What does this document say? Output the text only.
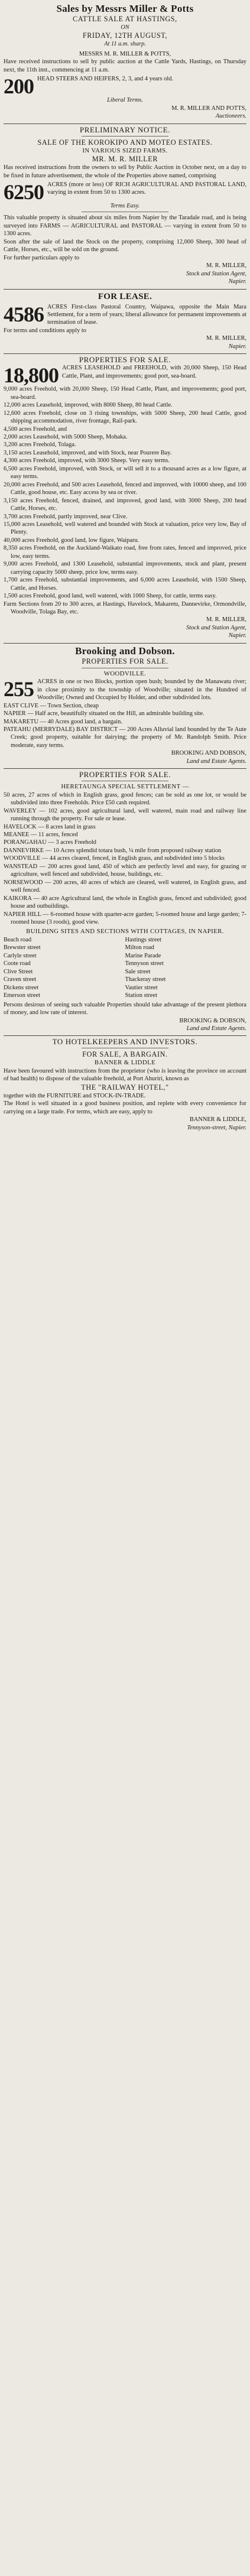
Sales by Messrs Miller & Potts
CATTLE SALE AT HASTINGS,
ON
FRIDAY, 12TH AUGUST,
At 11 a.m. sharp.
MESSRS M. R. MILLER & POTTS,
Have received instructions to sell by public auction at the Cattle Yards, Hastings, on Thursday next, the 11th inst., commencing at 11 a.m.
200 HEAD STEERS AND HEIFERS, 2, 3, and 4 years old.
Liberal Terms.
M. R. MILLER AND POTTS,
Auctioneers.
PRELIMINARY NOTICE.
SALE OF THE KOROKIPO AND MOTEO ESTATES.
IN VARIOUS SIZED FARMS.
MR. M. R. MILLER
Has received instructions from the owners to sell by Public Auction in October next, on a day to be fixed in future advertisement, the whole of the Properties above named, comprising
6250 ACRES (more or less) OF RICH AGRICULTURAL AND PASTORAL LAND, varying in extent from 50 to 1300 acres.
Terms Easy.
This valuable property is situated about six miles from Napier by the Taradale road, and is being surveyed into FARMS — AGRICULTURAL and PASTORAL — varying in extent from 50 to 1300 acres.
Soon after the sale of land the Stock on the property, comprising 12,000 Sheep, 300 head of Cattle, Horses, etc., will be sold on the ground.
For further particulars apply to
M. R. MILLER,
Stock and Station Agent,
Napier.
FOR LEASE.
4586 ACRES First-class Pastoral Country, Waipawa, opposite the Main Mara Settlement, for a term of years; liberal allowance for permanent improvements at termination of lease.
For terms and conditions apply to
M. R. MILLER,
Napier.
PROPERTIES FOR SALE.
18,800 ACRES LEASEHOLD and FREEHOLD, with 20,000 Sheep, 150 Head Cattle, Plant, and improvements; good port, sea-board.
9,000 acres Freehold, with 20,000 Sheep, 150 Head Cattle, Plant, and improvements; good port, sea-board.
12,000 acres Leasehold, improved, with 8000 Sheep, 80 head Cattle.
12,600 acres Freehold, close on 3 rising townships, with 5000 Sheep, 200 head Cattle, good shipping accommodation, river frontage, Rail-park.
4,500 acres Freehold, and
2,000 acres Leasehold, with 5000 Sheep, Mohaka.
3,200 acres Freehold, Tolaga.
3,150 acres Leasehold, improved, and with Stock, near Pourere Bay.
4,300 acres Freehold, improved, with 3000 Sheep. Very easy terms.
6,500 acres Freehold, improved, with Stock, or will sell it to a thousand acres as a low figure, at easy terms.
20,000 acres Freehold, and 500 acres Leasehold, fenced and improved, with 10000 sheep, and 100 Cattle, good house, etc. Easy access by sea or river.
3,150 acres Freehold, fenced, drained, and improved, good land, with 3000 Sheep, 200 head Cattle, Horses, etc.
3,700 acres Freehold, partly improved, near Clive.
15,000 acres Leasehold, well watered and bounded with Stock at valuation, price very low, Bay of Plenty.
40,000 acres Freehold, good land, low figure, Waiparu.
8,350 acres Freehold, on the Auckland-Waikato road, free from rates, fenced and improved, price low, easy terms.
9,000 acres Freehold, and 1300 Leasehold, substantial improvements, stock and plant, present carrying capacity 5000 sheep, price low, terms easy.
1,700 acres Freehold, substantial improvements, and 6,000 acres Leasehold, with 1500 Sheep, Cattle, and Horses.
1,500 acres Freehold, good land, well watered, with 1000 Sheep, for cattle, terms easy.
Farm Sections from 20 to 300 acres, at Hastings, Havelock, Makaretu, Dannevirke, Ormondville, Woodville, Tolaga Bay, etc.
M. R. MILLER,
Stock and Station Agent,
Napier.
Brooking and Dobson.
PROPERTIES FOR SALE.
WOODVILLE.
255 ACRES in one or two Blocks, portion open bush; bounded by the Manawatu river; in close proximity to the township of Woodville; situated in the Hundred of Woodville; Owned and Occupied by Holder, and other subdivided lots.
EAST CLIVE — Town Section, cheap
NAPIER — Half acre, beautifully situated on the Hill, an admirable building site.
MAKARETU — 40 Acres good land, a bargain.
PATEAHU (MERRYDALE) BAY DISTRICT — 200 Acres Alluvial land bounded by the Te Aute Creek; good property, suitable for dairying; the property of Mr. Randolph Smith. Price moderate, easy terms.
BROOKING AND DOBSON,
Land and Estate Agents.
PROPERTIES FOR SALE.
HERETAUNGA SPECIAL SETTLEMENT —
50 acres, 27 acres of which in English grass, good fences; can be sold as one lot, or would be subdivided into three Freeholds. Price £50 cash required.
WAVERLEY — 102 acres, good agricultural land, well watered, main road and railway line running through the property. For sale or lease.
HAVELOCK — 8 acres land in grass
MEANEE — 11 acres, fenced
PORANGAHAU — 3 acres Freehold
DANNEVIRKE — 10 Acres splendid totara bush, ¼ mile from proposed railway station
WOODVILLE — 44 acres cleared, fenced, in English grass, and subdivided into 5 blocks
WANSTEAD — 200 acres good land, 450 of which are perfectly level and easy, for grazing or agriculture, well fenced and subdivided, house, buildings, etc.
NORSEWOOD — 200 acres, 40 acres of which are cleared, well watered, in English grass, and well fenced.
KAIKORA — 40 acre Agricultural land, the whole in English grass, fenced and subdivided; good house and outbuildings.
NAPIER HILL — 6-roomed house with quarter-acre garden; 5-roomed house and large garden; 7-roomed house (3 roods), good view.
BUILDING SITES AND SECTIONS WITH COTTAGES, IN NAPIER.
Beach road
Brewster street
Carlyle street
Coote road
Clive Street
Craven street
Dickens street
Emerson street
Hastings street
Milton road
Marine Parade
Tennyson street
Sale street
Thackeray street
Vautier street
Station street
Persons desirous of seeing such valuable Properties should take advantage of the present plethora of money, and low rate of interest.
BROOKING & DOBSON,
Land and Estate Agents.
TO HOTELKEEPERS AND INVESTORS.
FOR SALE, A BARGAIN.
BANNER & LIDDLE
Have been favoured with instructions from the proprietor (who is leaving the province on account of bad health) to dispose of the valuable freehold, at Port Ahuriri, known as
THE "RAILWAY HOTEL,"
together with the FURNITURE and STOCK-IN-TRADE.
The Hotel is well situated in a good business position, and replete with every convenience for carrying on a large trade. For terms, which are easy, apply to
BANNER & LIDDLE,
Tennyson-street, Napier.
